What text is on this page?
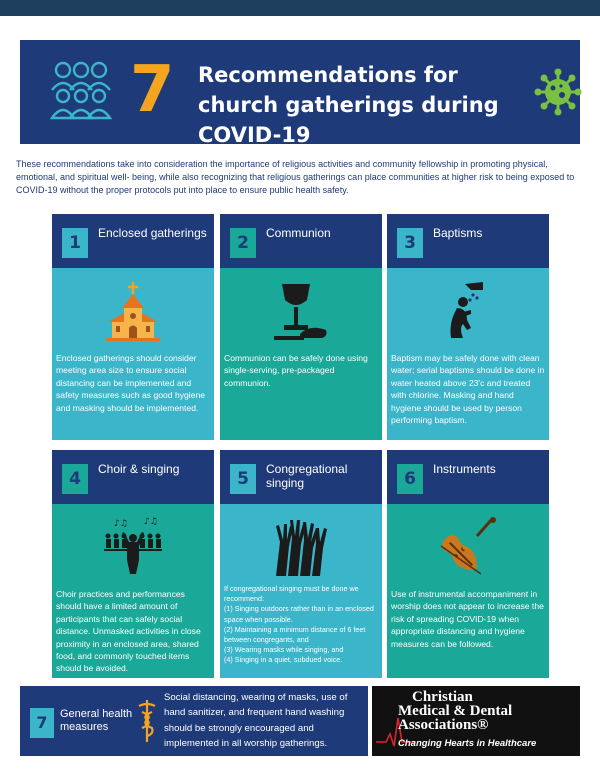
7 Recommendations for church gatherings during COVID-19
These recommendations take into consideration the importance of religious activities and community fellowship in promoting physical, emotional, and spiritual well- being, while also recognizing that religious gatherings can place communities at higher risk to being exposed to COVID-19 without the proper protocols put into place to ensure public health safety.
1	Enclosed gatherings
Enclosed gatherings should consider meeting area size to ensure social distancing can be implemented and safety measures such as good hygiene and masking should be implemented.
2	Communion
Communion can be safely done using single-serving, pre-packaged communion.
3	Baptisms
Baptism may be safely done with clean water; serial baptisms should be done in water heated above 23'c and treated with chlorine. Masking and hand hygiene should be used by person performing baptism.
4	Choir & singing
♪♫ ♪♫
Choir practices and performances should have a limited amount of participants that can safely social distance. Unmasked activities in close proximity in an enclosed area, shared food, and commonly touched items should be avoided.
5	Congregational singing
If congregational singing must be done we recommend:
(1) Singing outdoors rather than in an enclosed space when possible.
(2) Maintaining a minimum distance of 6 feet between congregants, and
(3) Wearing masks while singing, and
(4) Singing in a quiet, subdued voice.
6	Instruments
Use of instrumental accompaniment in worship does not appear to increase the risk of spreading COVID-19 when appropriate distancing and hygiene measures can be followed.
7	General health measures
Social distancing, wearing of masks, use of hand sanitizer, and frequent hand washing should be strongly encouraged and implemented in all worship gatherings.
Christian
Medical & Dental
Associations®
Changing Hearts in Healthcare
